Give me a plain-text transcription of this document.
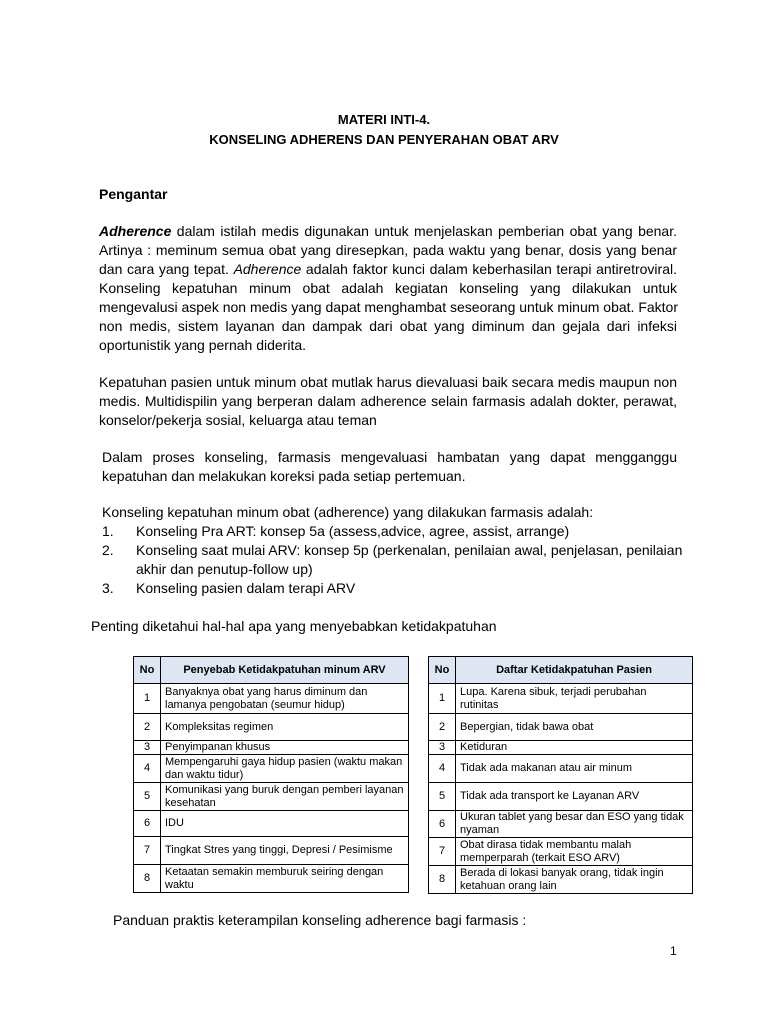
MATERI INTI-4.
KONSELING ADHERENS DAN PENYERAHAN OBAT ARV
Pengantar
Adherence dalam istilah medis digunakan untuk menjelaskan pemberian obat yang benar.
Artinya : meminum semua obat yang diresepkan, pada waktu yang benar, dosis yang benar
dan cara yang tepat. Adherence adalah faktor kunci dalam keberhasilan terapi antiretroviral.
Konseling kepatuhan minum obat adalah kegiatan konseling yang dilakukan untuk
mengevalusi aspek non medis yang dapat menghambat seseorang untuk minum obat. Faktor
non medis, sistem layanan dan dampak dari obat yang diminum dan gejala dari infeksi
oportunistik yang pernah diderita.
Kepatuhan pasien untuk minum obat mutlak harus dievaluasi baik secara medis maupun non
medis. Multidispilin yang berperan dalam adherence selain farmasis adalah dokter, perawat,
konselor/pekerja sosial, keluarga atau teman
Dalam proses konseling, farmasis mengevaluasi hambatan yang dapat mengganggu
kepatuhan dan melakukan koreksi pada setiap pertemuan.
Konseling kepatuhan minum obat (adherence) yang dilakukan farmasis adalah:
1. Konseling Pra ART: konsep 5a (assess,advice, agree, assist, arrange)
2. Konseling saat mulai ARV: konsep 5p (perkenalan, penilaian awal, penjelasan, penilaian
akhir dan penutup-follow up)
3. Konseling pasien dalam terapi ARV
Penting diketahui hal-hal apa yang menyebabkan ketidakpatuhan
No	Penyebab Ketidakpatuhan minum ARV
1	Banyaknya obat yang harus diminum dan lamanya pengobatan (seumur hidup)
2	Kompleksitas regimen
3	Penyimpanan khusus
4	Mempengaruhi gaya hidup pasien (waktu makan dan waktu tidur)
5	Komunikasi yang buruk dengan pemberi layanan kesehatan
6	IDU
7	Tingkat Stres yang tinggi, Depresi / Pesimisme
8	Ketaatan semakin memburuk seiring dengan waktu
No	Daftar Ketidakpatuhan Pasien
1	Lupa. Karena sibuk, terjadi perubahan rutinitas
2	Bepergian, tidak bawa obat
3	Ketiduran
4	Tidak ada makanan atau air minum
5	Tidak ada transport ke Layanan ARV
6	Ukuran tablet yang besar dan ESO yang tidak nyaman
7	Obat dirasa tidak membantu malah memperparah (terkait ESO ARV)
8	Berada di lokasi banyak orang, tidak ingin ketahuan orang lain
Panduan praktis keterampilan konseling adherence bagi farmasis :
1
